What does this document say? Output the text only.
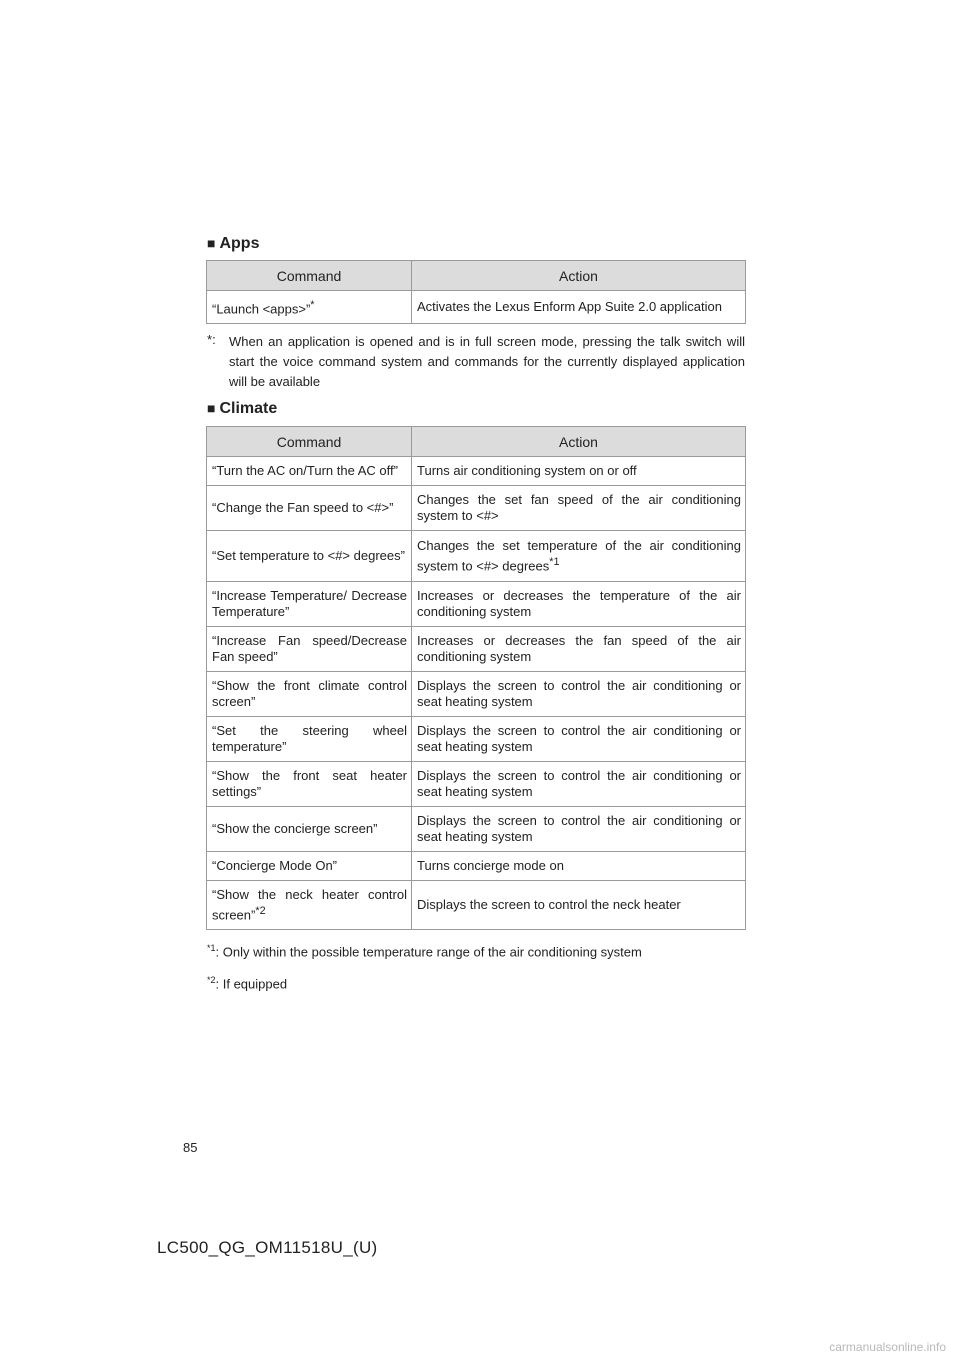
■ Apps
Command	Action
“Launch <apps>”*	Activates the Lexus Enform App Suite 2.0 application
*: When an application is opened and is in full screen mode, pressing the talk switch will start the voice command system and commands for the currently displayed application will be available
■ Climate
Command	Action
“Turn the AC on/Turn the AC off”	Turns air conditioning system on or off
“Change the Fan speed to <#>”	Changes the set fan speed of the air conditioning system to <#>
“Set temperature to <#> degrees”	Changes the set temperature of the air conditioning system to <#> degrees$^{*1}$
“Increase Temperature/ Decrease Temperature”	Increases or decreases the temperature of the air conditioning system
“Increase Fan speed/Decrease Fan speed”	Increases or decreases the fan speed of the air conditioning system
“Show the front climate control screen”	Displays the screen to control the air conditioning or seat heating system
“Set the steering wheel temperature”	Displays the screen to control the air conditioning or seat heating system
“Show the front seat heater settings”	Displays the screen to control the air conditioning or seat heating system
“Show the concierge screen”	Displays the screen to control the air conditioning or seat heating system
“Concierge Mode On”	Turns concierge mode on
“Show the neck heater control screen”$^{*2}$	Displays the screen to control the neck heater
$^{*1}$: Only within the possible temperature range of the air conditioning system
$^{*2}$: If equipped
85
LC500_QG_OM11518U_(U)
carmanualsonline.info
